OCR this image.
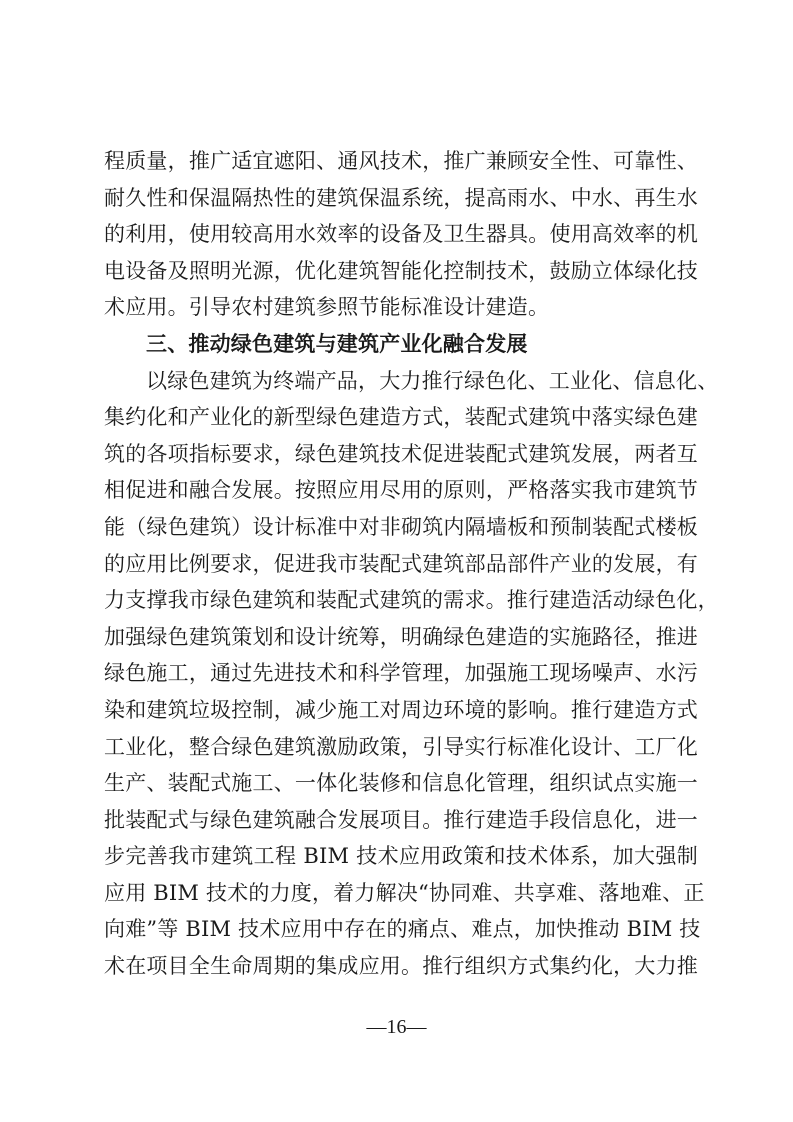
程质量，推广适宜遮阳、通风技术，推广兼顾安全性、可靠性、
耐久性和保温隔热性的建筑保温系统，提高雨水、中水、再生水
的利用，使用较高用水效率的设备及卫生器具。使用高效率的机
电设备及照明光源，优化建筑智能化控制技术，鼓励立体绿化技
术应用。引导农村建筑参照节能标准设计建造。
三、推动绿色建筑与建筑产业化融合发展
以绿色建筑为终端产品，大力推行绿色化、工业化、信息化、
集约化和产业化的新型绿色建造方式，装配式建筑中落实绿色建
筑的各项指标要求，绿色建筑技术促进装配式建筑发展，两者互
相促进和融合发展。按照应用尽用的原则，严格落实我市建筑节
能（绿色建筑）设计标准中对非砌筑内隔墙板和预制装配式楼板
的应用比例要求，促进我市装配式建筑部品部件产业的发展，有
力支撑我市绿色建筑和装配式建筑的需求。推行建造活动绿色化，
加强绿色建筑策划和设计统筹，明确绿色建造的实施路径，推进
绿色施工，通过先进技术和科学管理，加强施工现场噪声、水污
染和建筑垃圾控制，减少施工对周边环境的影响。推行建造方式
工业化，整合绿色建筑激励政策，引导实行标准化设计、工厂化
生产、装配式施工、一体化装修和信息化管理，组织试点实施一
批装配式与绿色建筑融合发展项目。推行建造手段信息化，进一
步完善我市建筑工程 BIM 技术应用政策和技术体系，加大强制
应用 BIM 技术的力度，着力解决“协同难、共享难、落地难、正
向难”等 BIM 技术应用中存在的痛点、难点，加快推动 BIM 技
术在项目全生命周期的集成应用。推行组织方式集约化，大力推
—16—
